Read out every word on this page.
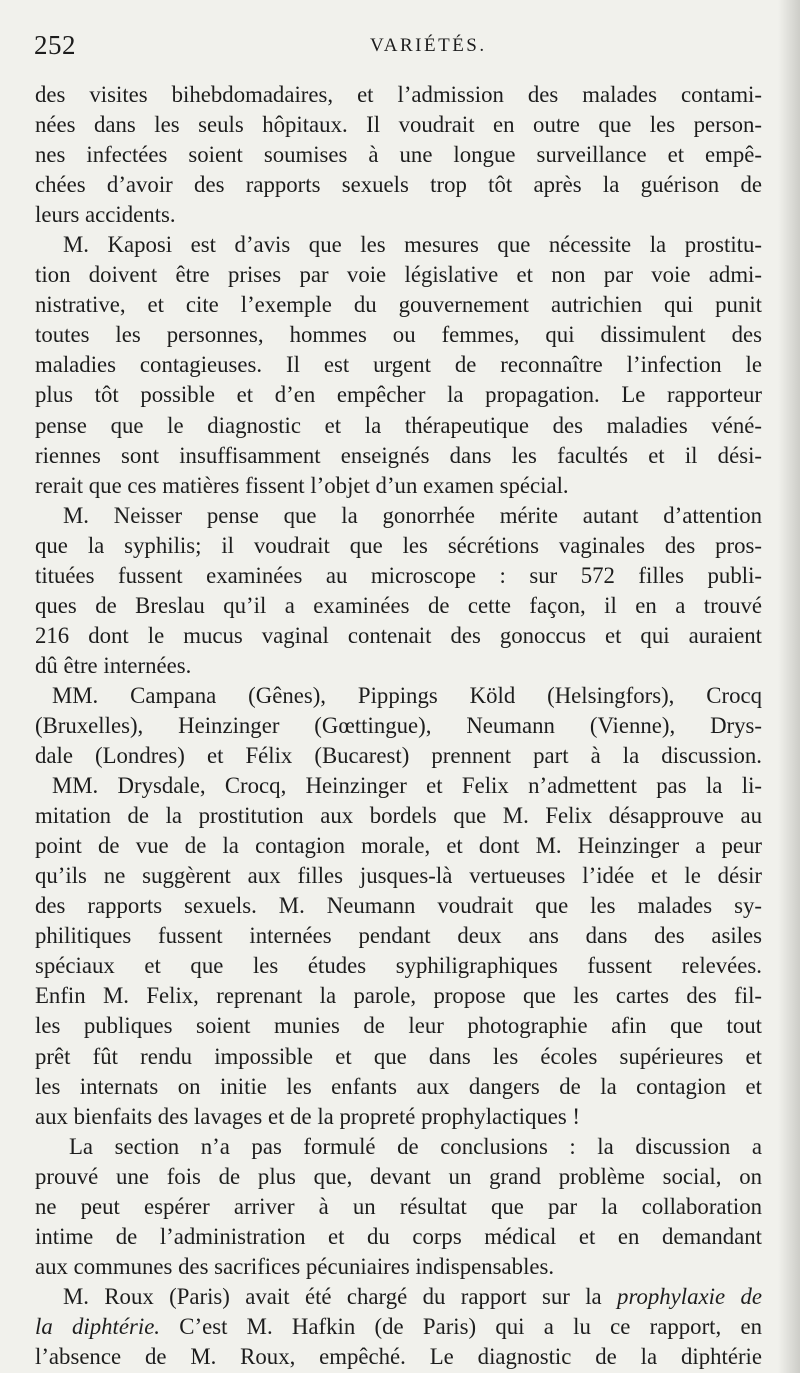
252	VARIÉTÉS.
des visites bihebdomadaires, et l’admission des malades contami-
nées dans les seuls hôpitaux. Il voudrait en outre que les person-
nes infectées soient soumises à une longue surveillance et empê-
chées d’avoir des rapports sexuels trop tôt après la guérison de
leurs accidents.
M. Kaposi est d’avis que les mesures que nécessite la prostitu-
tion doivent être prises par voie législative et non par voie admi-
nistrative, et cite l’exemple du gouvernement autrichien qui punit
toutes les personnes, hommes ou femmes, qui dissimulent des
maladies contagieuses. Il est urgent de reconnaître l’infection le
plus tôt possible et d’en empêcher la propagation. Le rapporteur
pense que le diagnostic et la thérapeutique des maladies véné-
riennes sont insuffisamment enseignés dans les facultés et il dési-
rerait que ces matières fissent l’objet d’un examen spécial.
M. Neisser pense que la gonorrhée mérite autant d’attention
que la syphilis; il voudrait que les sécrétions vaginales des pros-
tituées fussent examinées au microscope : sur 572 filles publi-
ques de Breslau qu’il a examinées de cette façon, il en a trouvé
216 dont le mucus vaginal contenait des gonoccus et qui auraient
dû être internées.
MM. Campana (Gênes), Pippings Köld (Helsingfors), Crocq
(Bruxelles), Heinzinger (Gœttingue), Neumann (Vienne), Drys-
dale (Londres) et Félix (Bucarest) prennent part à la discussion.
MM. Drysdale, Crocq, Heinzinger et Felix n’admettent pas la li-
mitation de la prostitution aux bordels que M. Felix désapprouve au
point de vue de la contagion morale, et dont M. Heinzinger a peur
qu’ils ne suggèrent aux filles jusques-là vertueuses l’idée et le désir
des rapports sexuels. M. Neumann voudrait que les malades sy-
philitiques fussent internées pendant deux ans dans des asiles
spéciaux et que les études syphiligraphiques fussent relevées.
Enfin M. Felix, reprenant la parole, propose que les cartes des fil-
les publiques soient munies de leur photographie afin que tout
prêt fût rendu impossible et que dans les écoles supérieures et
les internats on initie les enfants aux dangers de la contagion et
aux bienfaits des lavages et de la propreté prophylactiques !
La section n’a pas formulé de conclusions : la discussion a
prouvé une fois de plus que, devant un grand problème social, on
ne peut espérer arriver à un résultat que par la collaboration
intime de l’administration et du corps médical et en demandant
aux communes des sacrifices pécuniaires indispensables.
M. Roux (Paris) avait été chargé du rapport sur la prophylaxie de
la diphtérie. C’est M. Hafkin (de Paris) qui a lu ce rapport, en
l’absence de M. Roux, empêché. Le diagnostic de la diphtérie
